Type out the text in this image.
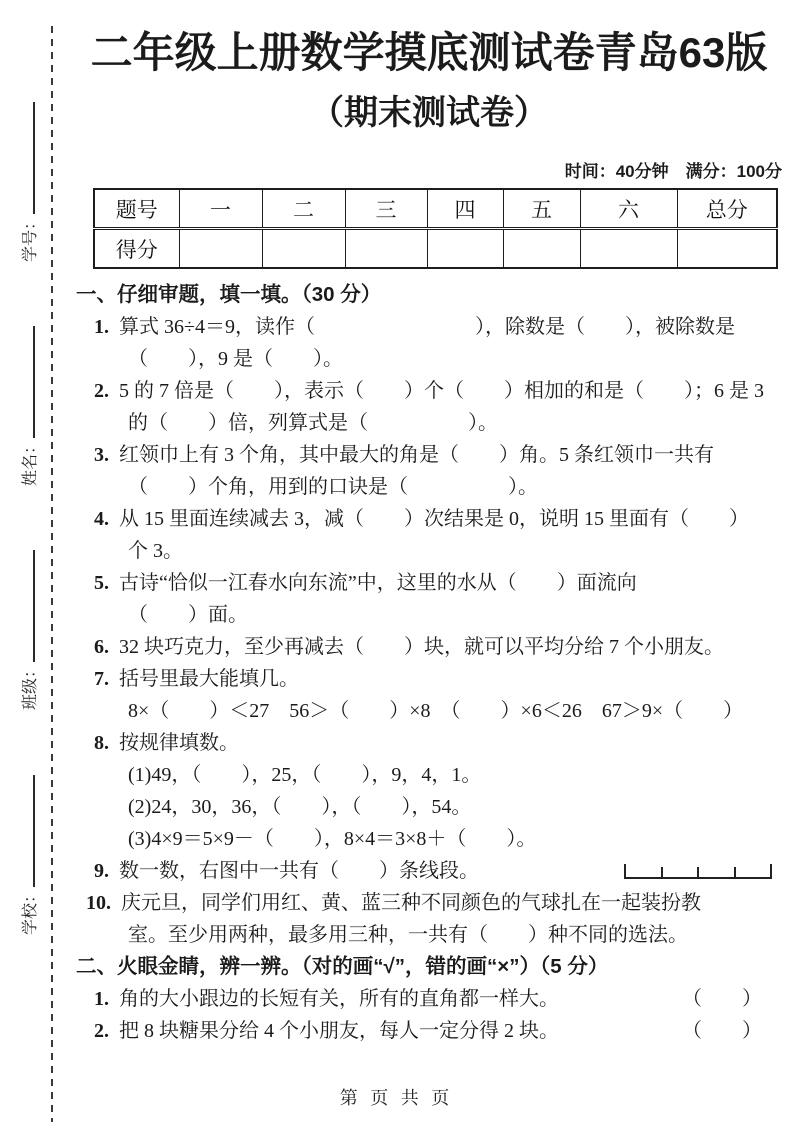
学号：
姓名：
班级：
学校：
二年级上册数学摸底测试卷青岛63版
（期末测试卷）
时间：40分钟　满分：100分
题号	一	二	三	四	五	六	总分
得分							
一、仔细审题，填一填。（30 分）
1. 算式 36÷4＝9，读作（　　　　　　　　），除数是（　　），被除数是
（　　），9 是（　　）。
2. 5 的 7 倍是（　　），表示（　　）个（　　）相加的和是（　　）；6 是 3
的（　　）倍，列算式是（　　　　　）。
3. 红领巾上有 3 个角，其中最大的角是（　　）角。5 条红领巾一共有
（　　）个角，用到的口诀是（　　　　　）。
4. 从 15 里面连续减去 3，减（　　）次结果是 0，说明 15 里面有（　　）
个 3。
5. 古诗“恰似一江春水向东流”中，这里的水从（　　）面流向
（　　）面。
6. 32 块巧克力，至少再减去（　　）块，就可以平均分给 7 个小朋友。
7. 括号里最大能填几。
8×（　　）＜27　56＞（　　）×8　（　　）×6＜26　67＞9×（　　）
8. 按规律填数。
(1)49，（　　），25，（　　），9，4，1。
(2)24，30，36，（　　），（　　），54。
(3)4×9＝5×9－（　　），8×4＝3×8＋（　　）。
9. 数一数，右图中一共有（　　）条线段。
10. 庆元旦，同学们用红、黄、蓝三种不同颜色的气球扎在一起装扮教
室。至少用两种，最多用三种，一共有（　　）种不同的选法。
二、火眼金睛，辨一辨。（对的画“√”，错的画“×”）（5 分）
1. 角的大小跟边的长短有关，所有的直角都一样大。	（　　）
2. 把 8 块糖果分给 4 个小朋友，每人一定分得 2 块。	（　　）
第 页 共 页
